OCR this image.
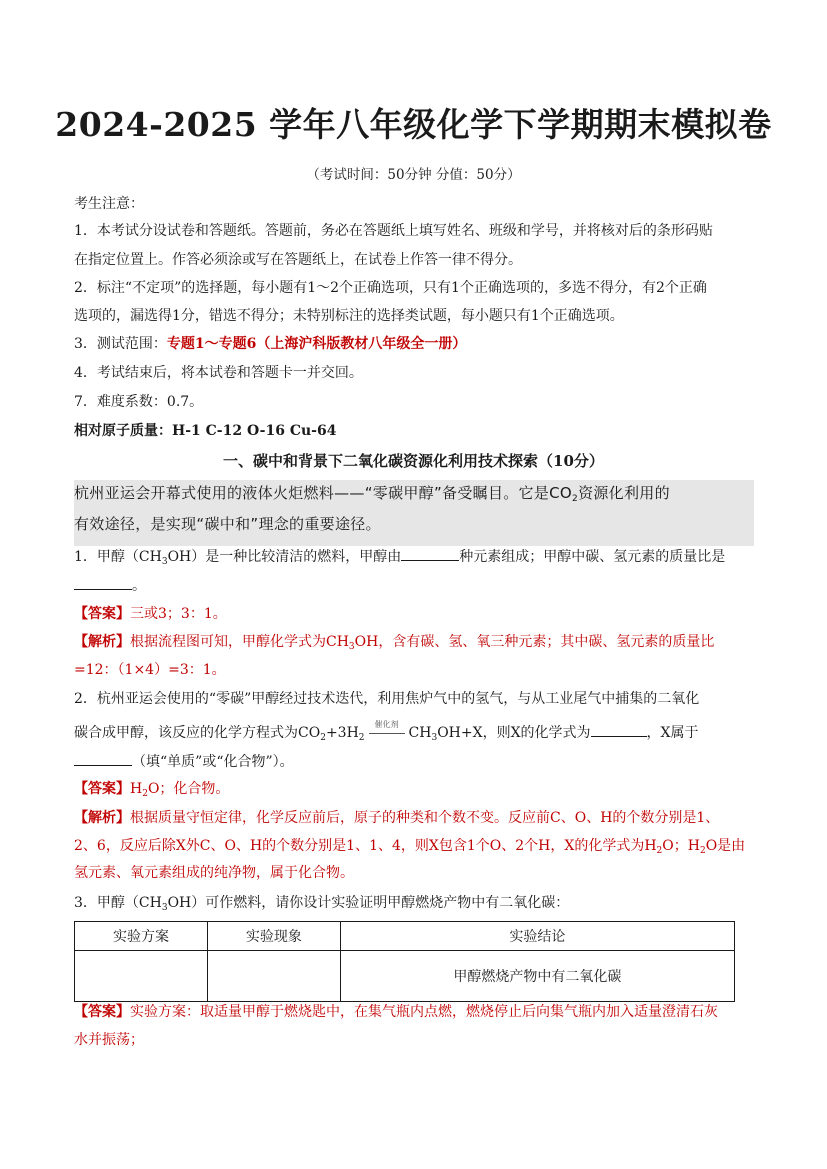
2024-2025 学年八年级化学下学期期末模拟卷
（考试时间：50分钟 分值：50分）
考生注意：
1．本考试分设试卷和答题纸。答题前，务必在答题纸上填写姓名、班级和学号，并将核对后的条形码贴
在指定位置上。作答必须涂或写在答题纸上，在试卷上作答一律不得分。
2．标注“不定项”的选择题，每小题有1～2个正确选项，只有1个正确选项的，多选不得分，有2个正确
选项的，漏选得1分，错选不得分；未特别标注的选择类试题，每小题只有1个正确选项。
3．测试范围：专题1～专题6（上海沪科版教材八年级全一册）
4．考试结束后，将本试卷和答题卡一并交回。
7．难度系数：0.7。
相对原子质量：H-1 C-12 O-16 Cu-64
一、碳中和背景下二氧化碳资源化利用技术探索（10分）
杭州亚运会开幕式使用的液体火炬燃料——“零碳甲醇”备受瞩目。它是$CO_2$资源化利用的
有效途径，是实现“碳中和”理念的重要途径。
1．甲醇$(CH_3OH)$是一种比较清洁的燃料，甲醇由	种元素组成；甲醇中碳、氢元素的质量比是
。
【答案】三或3；3：1。
【解析】根据流程图可知，甲醇化学式为$CH_3OH$，含有碳、氢、氧三种元素；其中碳、氢元素的质量比
=12：（1×4）=3：1。
2．杭州亚运会使用的“零碳”甲醇经过技术迭代，利用焦炉气中的氢气，与从工业尾气中捕集的二氧化
碳合成甲醇，该反应的化学方程式为$CO_2+3H_2$
催化剂
$CH_3OH+X$，则X的化学式为	，X属于
（填“单质”或“化合物”）。
【答案】$H_2O$；化合物。
【解析】根据质量守恒定律，化学反应前后，原子的种类和个数不变。反应前C、O、H的个数分别是1、
2、6，反应后除X外C、O、H的个数分别是1、1、4，则X包含1个O、2个H，X的化学式为$H_2O$；$H_2O$是由
氢元素、氧元素组成的纯净物，属于化合物。
3．甲醇$(CH_3OH)$可作燃料，请你设计实验证明甲醇燃烧产物中有二氧化碳：
实验方案	实验现象	实验结论
		甲醇燃烧产物中有二氧化碳
【答案】实验方案：取适量甲醇于燃烧匙中，在集气瓶内点燃，燃烧停止后向集气瓶内加入适量澄清石灰
水并振荡；
